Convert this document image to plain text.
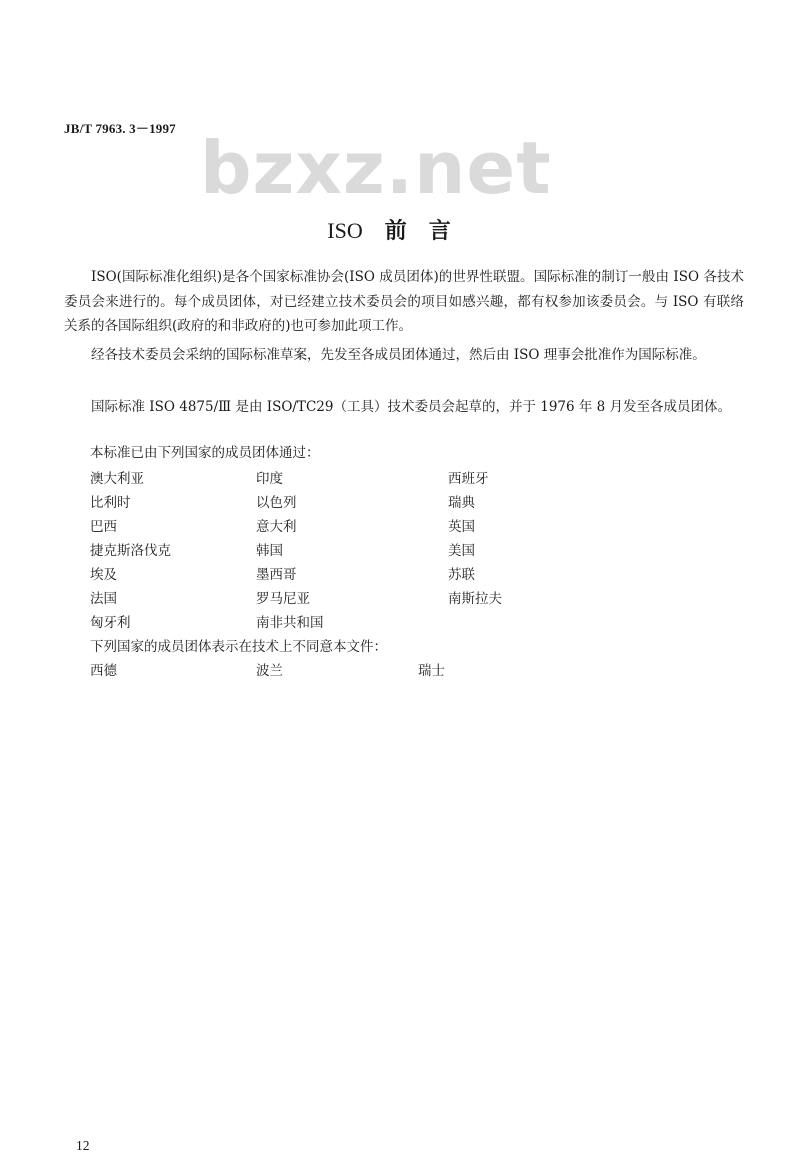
JB/T 7963. 3－1997 bzxz.net
ISO 前言

ISO(国际标准化组织)是各个国家标准协会(ISO 成员团体)的世界性联盟。国际标准的制订一般由 ISO 各技术委员会来进行的。每个成员团体，对已经建立技术委员会的项目如感兴趣，都有权参加该委员会。与 ISO 有联络关系的各国际组织(政府的和非政府的)也可参加此项工作。

经各技术委员会采纳的国际标准草案，先发至各成员团体通过，然后由 ISO 理事会批准作为国际标准。

国际标准 ISO 4875/Ⅲ 是由 ISO/TC29（工具）技术委员会起草的，并于 1976 年 8 月发至各成员团体。

本标准已由下列国家的成员团体通过：
澳大利亚	印度	西班牙
比利时	以色列	瑞典
巴西	意大利	英国
捷克斯洛伐克	韩国	美国
埃及	墨西哥	苏联
法国	罗马尼亚	南斯拉夫
匈牙利	南非共和国
下列国家的成员团体表示在技术上不同意本文件：
西德	波兰	瑞士
12
